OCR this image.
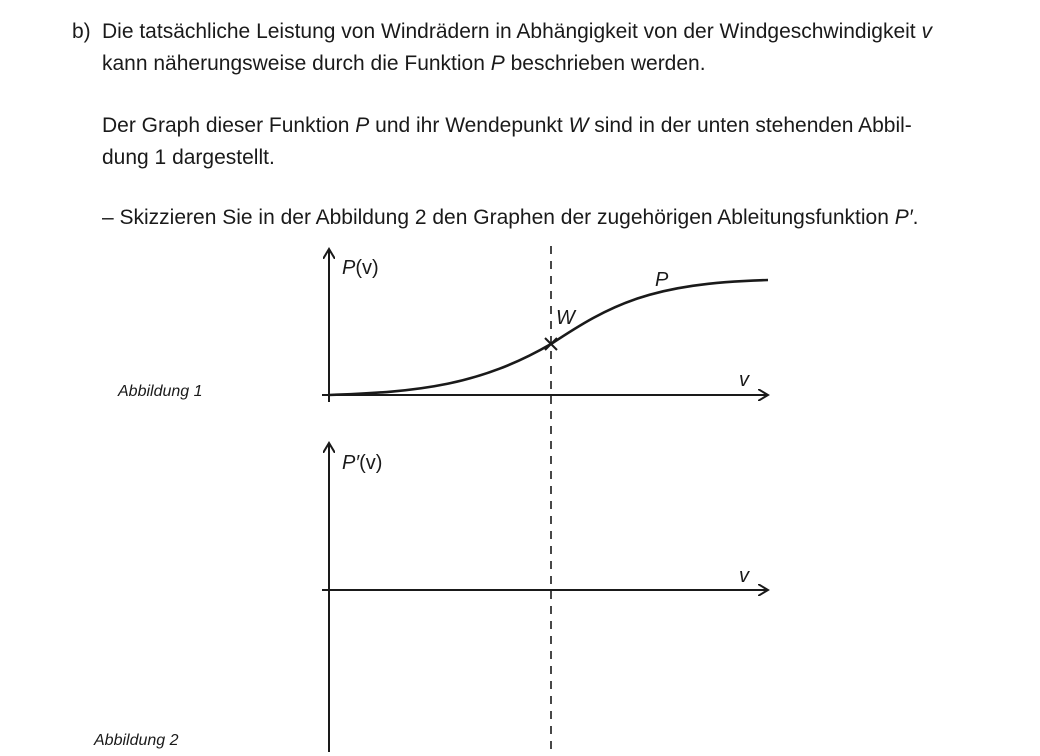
b) Die tatsächliche Leistung von Windrädern in Abhängigkeit von der Windgeschwindigkeit v
kann näherungsweise durch die Funktion P beschrieben werden.
Der Graph dieser Funktion P und ihr Wendepunkt W sind in der unten stehenden Abbil-
dung 1 dargestellt.
– Skizzieren Sie in der Abbildung 2 den Graphen der zugehörigen Ableitungsfunktion P′.
Abbildung 1
Abbildung 2
P(v)
v
P
W
P′(v)
v
